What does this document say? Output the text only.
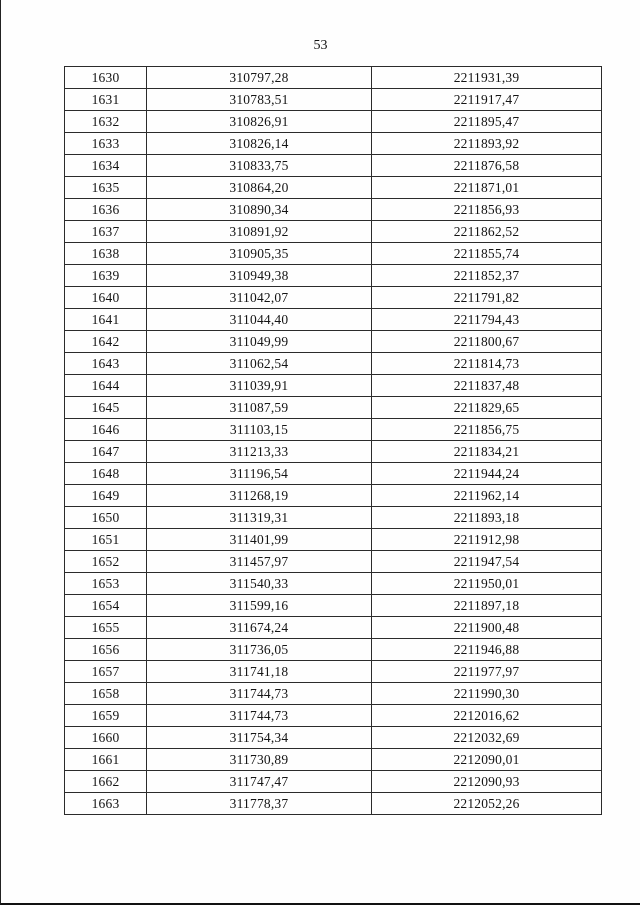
53
1630	310797,28	2211931,39
1631	310783,51	2211917,47
1632	310826,91	2211895,47
1633	310826,14	2211893,92
1634	310833,75	2211876,58
1635	310864,20	2211871,01
1636	310890,34	2211856,93
1637	310891,92	2211862,52
1638	310905,35	2211855,74
1639	310949,38	2211852,37
1640	311042,07	2211791,82
1641	311044,40	2211794,43
1642	311049,99	2211800,67
1643	311062,54	2211814,73
1644	311039,91	2211837,48
1645	311087,59	2211829,65
1646	311103,15	2211856,75
1647	311213,33	2211834,21
1648	311196,54	2211944,24
1649	311268,19	2211962,14
1650	311319,31	2211893,18
1651	311401,99	2211912,98
1652	311457,97	2211947,54
1653	311540,33	2211950,01
1654	311599,16	2211897,18
1655	311674,24	2211900,48
1656	311736,05	2211946,88
1657	311741,18	2211977,97
1658	311744,73	2211990,30
1659	311744,73	2212016,62
1660	311754,34	2212032,69
1661	311730,89	2212090,01
1662	311747,47	2212090,93
1663	311778,37	2212052,26
